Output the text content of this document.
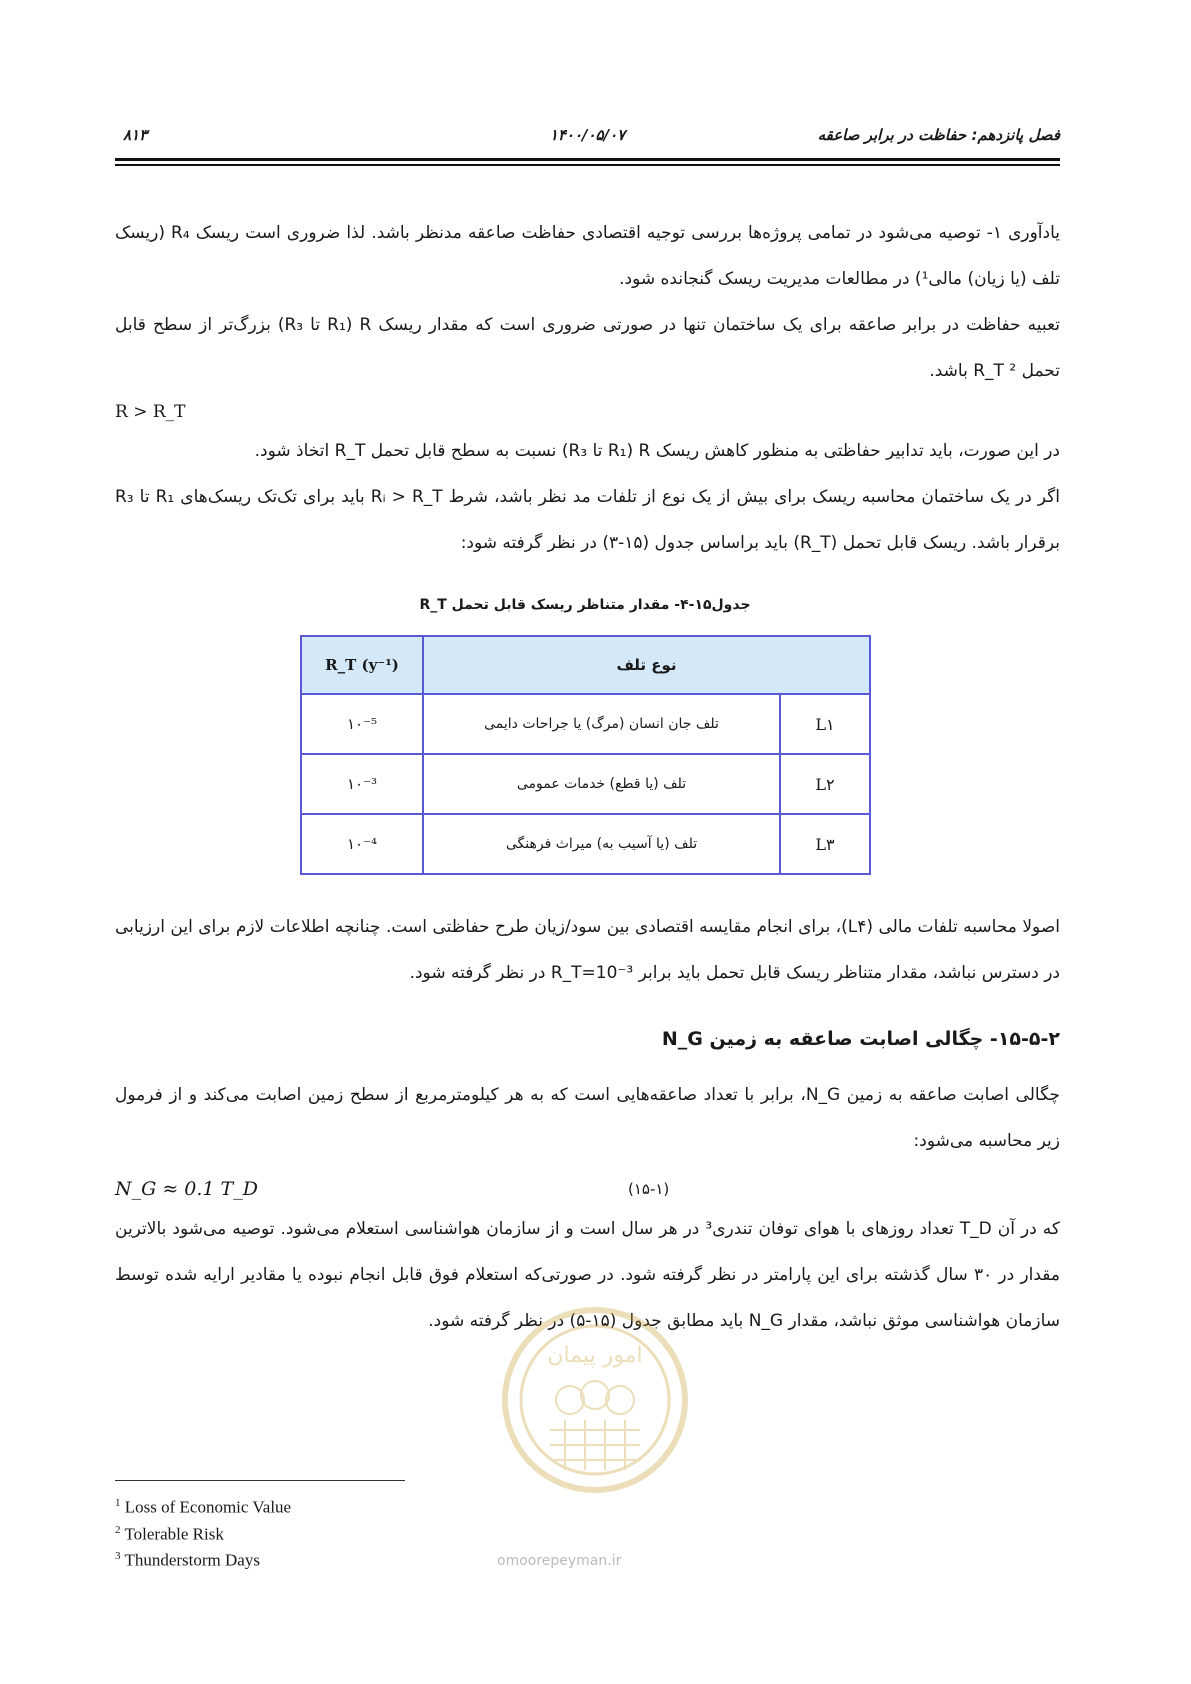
فصل پانزدهم: حفاظت در برابر صاعقه
۱۴۰۰/۰۵/۰۷
۸۱۳
یادآوری ۱- توصیه می‌شود در تمامی پروژه‌ها بررسی توجیه اقتصادی حفاظت صاعقه مدنظر باشد. لذا ضروری است ریسک R₄ (ریسک تلف (یا زیان) مالی¹) در مطالعات مدیریت ریسک گنجانده شود.
تعبیه حفاظت در برابر صاعقه برای یک ساختمان تنها در صورتی ضروری است که مقدار ریسک R (R₁ تا R₃) بزرگ‌تر از سطح قابل تحمل ² R_T باشد.
R > R_T
در این صورت، باید تدابیر حفاظتی به منظور کاهش ریسک R (R₁ تا R₃) نسبت به سطح قابل تحمل R_T اتخاذ شود.
اگر در یک ساختمان محاسبه ریسک برای بیش از یک نوع از تلفات مد نظر باشد، شرط Rᵢ > R_T باید برای تک‌تک ریسک‌های R₁ تا R₃ برقرار باشد. ریسک قابل تحمل (R_T) باید براساس جدول (۱۵-۳) در نظر گرفته شود:
جدول۱۵-۴- مقدار متناظر ریسک قابل تحمل R_T
نوع تلف		R_T (y⁻¹)
L۱	تلف جان انسان (مرگ) یا جراحات دایمی	۱۰⁻⁵
L۲	تلف (یا قطع) خدمات عمومی	۱۰⁻³
L۳	تلف (یا آسیب به) میراث فرهنگی	۱۰⁻⁴
اصولا محاسبه تلفات مالی (L۴)، برای انجام مقایسه اقتصادی بین سود/زیان طرح حفاظتی است. چنانچه اطلاعات لازم برای این ارزیابی در دسترس نباشد، مقدار متناظر ریسک قابل تحمل باید برابر R_T=10⁻³ در نظر گرفته شود.
۱۵-۵-۲- چگالی اصابت صاعقه به زمین N_G
چگالی اصابت صاعقه به زمین N_G، برابر با تعداد صاعقه‌هایی است که به هر کیلومترمربع از سطح زمین اصابت می‌کند و از فرمول زیر محاسبه می‌شود:
N_G ≈ 0.1 T_D	(۱۵-۱)
که در آن T_D تعداد روزهای با هوای توفان تندری³ در هر سال است و از سازمان هواشناسی استعلام می‌شود. توصیه می‌شود بالاترین مقدار در ۳۰ سال گذشته برای این پارامتر در نظر گرفته شود. در صورتی‌که استعلام فوق قابل انجام نبوده یا مقادیر ارایه شده توسط سازمان هواشناسی موثق نباشد، مقدار N_G باید مطابق جدول (۱۵-۵) در نظر گرفته شود.
امور پیمان
omoorepeyman.ir
$^1$ Loss of Economic Value
$^2$ Tolerable Risk
$^3$ Thunderstorm Days
